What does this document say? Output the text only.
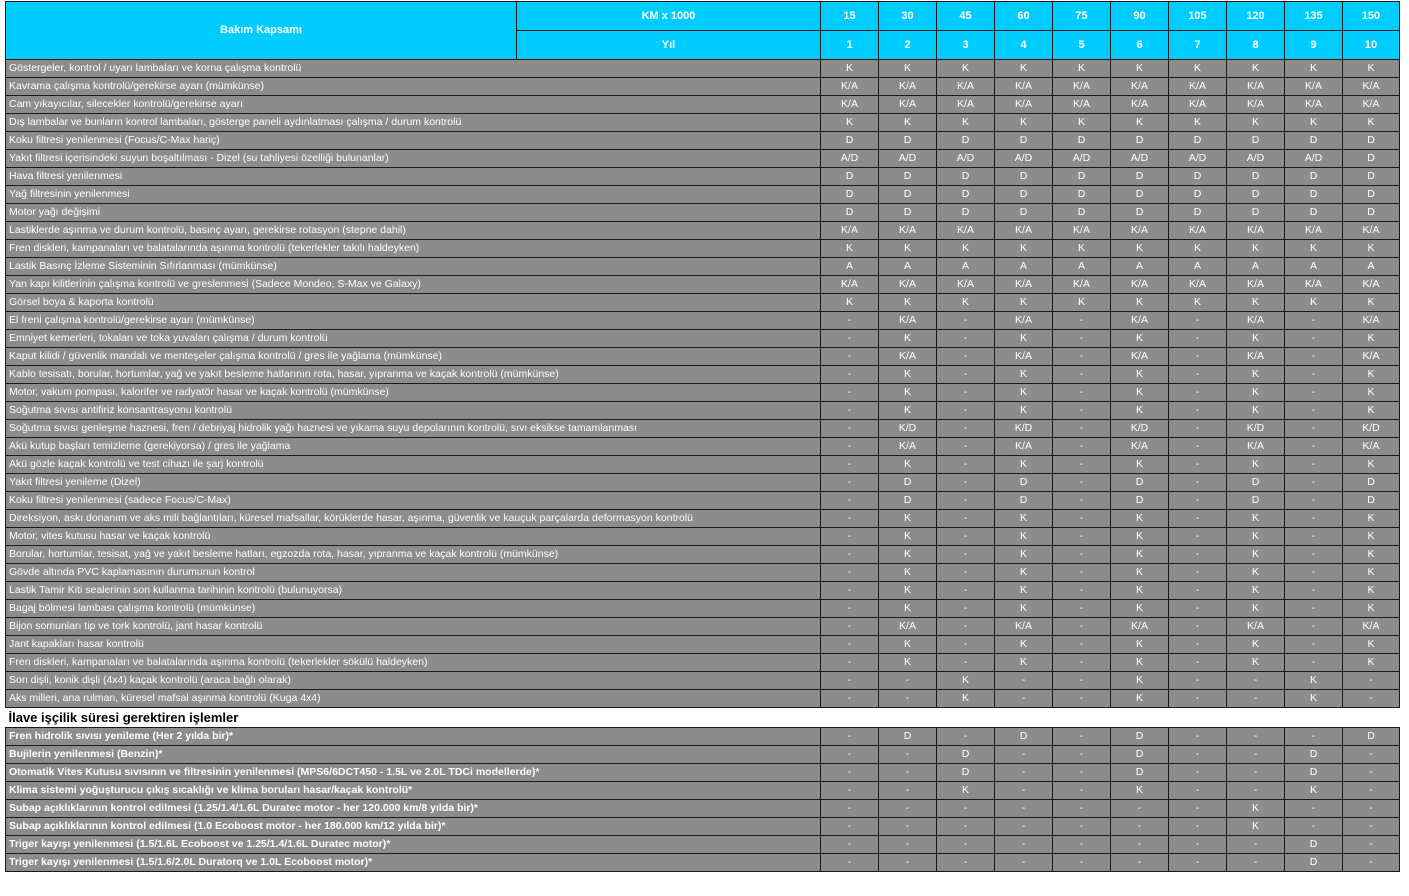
Bakım Kapsamı	KM x 1000	15	30	45	60	75	90	105	120	135	150
	Yıl	1	2	3	4	5	6	7	8	9	10
Göstergeler, kontrol / uyarı lambaları ve korna çalışma kontrolü		K	K	K	K	K	K	K	K	K	K
Kavrama çalışma kontrolü/gerekirse ayarı (mümkünse)		K/A	K/A	K/A	K/A	K/A	K/A	K/A	K/A	K/A	K/A
Cam yıkayıcılar, silecekler kontrolü/gerekirse ayarı		K/A	K/A	K/A	K/A	K/A	K/A	K/A	K/A	K/A	K/A
Dış lambalar ve bunların kontrol lambaları, gösterge paneli aydınlatması çalışma / durum kontrolü		K	K	K	K	K	K	K	K	K	K
Koku filtresi yenilenmesi (Focus/C-Max hariç)		D	D	D	D	D	D	D	D	D	D
Yakıt filtresi içerisindeki suyun boşaltılması - Dizel (su tahliyesi özelliği bulunanlar)		A/D	A/D	A/D	A/D	A/D	A/D	A/D	A/D	A/D	D
Hava filtresi yenilenmesi		D	D	D	D	D	D	D	D	D	D
Yağ filtresinin yenilenmesi		D	D	D	D	D	D	D	D	D	D
Motor yağı değişimi		D	D	D	D	D	D	D	D	D	D
Lastiklerde aşınma ve durum kontrolü, basınç ayarı, gerekirse rotasyon (stepne dahil)		K/A	K/A	K/A	K/A	K/A	K/A	K/A	K/A	K/A	K/A
Fren diskleri, kampanaları ve balatalarında aşınma kontrolü (tekerlekler takılı haldeyken)		K	K	K	K	K	K	K	K	K	K
Lastik Basınç İzleme Sisteminin Sıfırlanması (mümkünse)		A	A	A	A	A	A	A	A	A	A
Yan kapı kilitlerinin çalışma kontrolü ve greslenmesi (Sadece Mondeo, S-Max ve Galaxy)		K/A	K/A	K/A	K/A	K/A	K/A	K/A	K/A	K/A	K/A
Görsel boya & kaporta kontrolü		K	K	K	K	K	K	K	K	K	K
El freni çalışma kontrolü/gerekirse ayarı (mümkünse)		-	K/A	-	K/A	-	K/A	-	K/A	-	K/A
Emniyet kemerleri, tokaları ve toka yuvaları çalışma / durum kontrolü		-	K	-	K	-	K	-	K	-	K
Kaput kilidi / güvenlik mandalı ve menteşeler çalışma kontrolü / gres ile yağlama (mümkünse)		-	K/A	-	K/A	-	K/A	-	K/A	-	K/A
Kablo tesisatı, borular, hortumlar, yağ ve yakıt besleme hatlarının rota, hasar, yıpranma ve kaçak kontrolü (mümkünse)		-	K	-	K	-	K	-	K	-	K
Motor, vakum pompası, kalorifer ve radyatör hasar ve kaçak kontrolü (mümkünse)		-	K	-	K	-	K	-	K	-	K
Soğutma sıvısı antifiriz konsantrasyonu kontrolü		-	K	-	K	-	K	-	K	-	K
Soğutma sıvısı genleşme haznesi, fren / debriyaj hidrolik yağı haznesi ve yıkama suyu depolarının kontrolü, sıvı eksikse tamamlanması		-	K/D	-	K/D	-	K/D	-	K/D	-	K/D
Akü kutup başları temizleme (gerekiyorsa) / gres ile yağlama		-	K/A	-	K/A	-	K/A	-	K/A	-	K/A
Akü gözle kaçak kontrolü ve test cihazı ile şarj kontrolü		-	K	-	K	-	K	-	K	-	K
Yakıt filtresi yenileme (Dizel)		-	D	-	D	-	D	-	D	-	D
Koku filtresi yenilenmesi (sadece Focus/C-Max)		-	D	-	D	-	D	-	D	-	D
Direksiyon, askı donanım ve aks mili bağlantıları, küresel mafsallar, körüklerde hasar, aşınma, güvenlik ve kauçuk parçalarda deformasyon kontrolü		-	K	-	K	-	K	-	K	-	K
Motor, vites kutusu hasar ve kaçak kontrolü		-	K	-	K	-	K	-	K	-	K
Borular, hortumlar, tesisat, yağ ve yakıt besleme hatları, egzozda rota, hasar, yıpranma ve kaçak kontrolü (mümkünse)		-	K	-	K	-	K	-	K	-	K
Gövde altında PVC kaplamasının durumunun kontrol		-	K	-	K	-	K	-	K	-	K
Lastik Tamir Kiti sealerinin son kullanma tarihinin kontrolü (bulunuyorsa)		-	K	-	K	-	K	-	K	-	K
Bagaj bölmesi lambası çalışma kontrolü (mümkünse)		-	K	-	K	-	K	-	K	-	K
Bijon somunları tip ve tork kontrolü, jant hasar kontrolü		-	K/A	-	K/A	-	K/A	-	K/A	-	K/A
Jant kapakları hasar kontrolü		-	K	-	K	-	K	-	K	-	K
Fren diskleri, kampanaları ve balatalarında aşınma kontrolü (tekerlekler sökülü haldeyken)		-	K	-	K	-	K	-	K	-	K
Son dişli, konik dişli (4x4) kaçak kontrolü (araca bağlı olarak)		-	-	K	-	-	K	-	-	K	-
Aks milleri, ana rulman, küresel mafsal aşınma kontrolü (Kuga 4x4)		-	-	K	-	-	K	-	-	K	-
İlave işçilik süresi gerektiren işlemler											
Fren hidrolik sıvısı yenileme (Her 2 yılda bir)*		-	D	-	D	-	D	-	-	-	D
Bujilerin yenilenmesi (Benzin)*		-	-	D	-	-	D	-	-	D	-
Otomatik Vites Kutusu sıvısının ve filtresinin yenilenmesi (MPS6/6DCT450 - 1.5L ve 2.0L TDCi modellerde)*		-	-	D	-	-	D	-	-	D	-
Klima sistemi yoğuşturucu çıkış sıcaklığı ve klima boruları hasar/kaçak kontrolü*		-	-	K	-	-	K	-	-	K	-
Subap açıklıklarının kontrol edilmesi (1.25/1.4/1.6L Duratec motor - her 120.000 km/8 yılda bir)*		-	-	-	-	-	-	-	K	-	-
Subap açıklıklarının kontrol edilmesi (1.0 Ecoboost motor - her 180.000 km/12 yılda bir)*		-	-	-	-	-	-	-	K	-	-
Triger kayışı yenilenmesi (1.5/1.6L Ecoboost ve 1.25/1.4/1.6L Duratec motor)*		-	-	-	-	-	-	-	-	D	-
Triger kayışı yenilenmesi (1.5/1.6/2.0L Duratorq ve 1.0L Ecoboost motor)*		-	-	-	-	-	-	-	-	D	-
